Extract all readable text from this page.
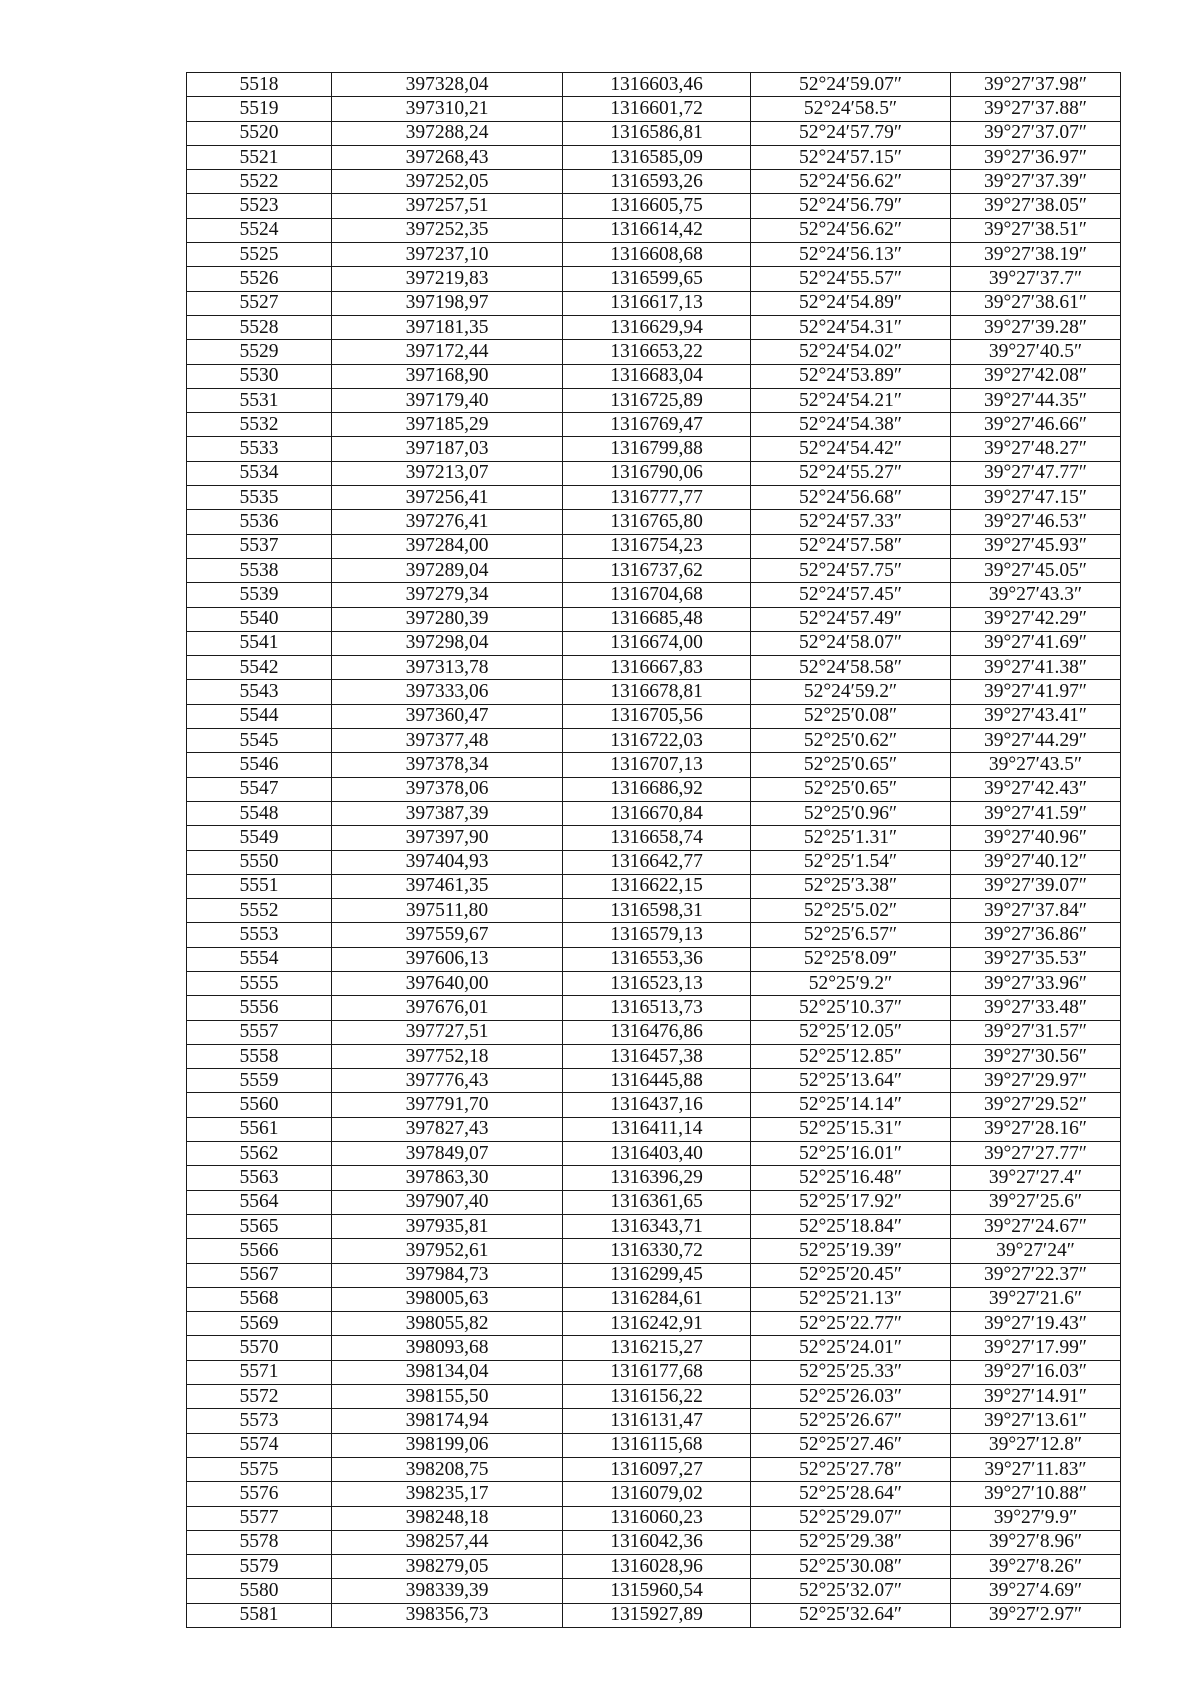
5518	397328,04	1316603,46	52°24′59.07″	39°27′37.98″
5519	397310,21	1316601,72	52°24′58.5″	39°27′37.88″
5520	397288,24	1316586,81	52°24′57.79″	39°27′37.07″
5521	397268,43	1316585,09	52°24′57.15″	39°27′36.97″
5522	397252,05	1316593,26	52°24′56.62″	39°27′37.39″
5523	397257,51	1316605,75	52°24′56.79″	39°27′38.05″
5524	397252,35	1316614,42	52°24′56.62″	39°27′38.51″
5525	397237,10	1316608,68	52°24′56.13″	39°27′38.19″
5526	397219,83	1316599,65	52°24′55.57″	39°27′37.7″
5527	397198,97	1316617,13	52°24′54.89″	39°27′38.61″
5528	397181,35	1316629,94	52°24′54.31″	39°27′39.28″
5529	397172,44	1316653,22	52°24′54.02″	39°27′40.5″
5530	397168,90	1316683,04	52°24′53.89″	39°27′42.08″
5531	397179,40	1316725,89	52°24′54.21″	39°27′44.35″
5532	397185,29	1316769,47	52°24′54.38″	39°27′46.66″
5533	397187,03	1316799,88	52°24′54.42″	39°27′48.27″
5534	397213,07	1316790,06	52°24′55.27″	39°27′47.77″
5535	397256,41	1316777,77	52°24′56.68″	39°27′47.15″
5536	397276,41	1316765,80	52°24′57.33″	39°27′46.53″
5537	397284,00	1316754,23	52°24′57.58″	39°27′45.93″
5538	397289,04	1316737,62	52°24′57.75″	39°27′45.05″
5539	397279,34	1316704,68	52°24′57.45″	39°27′43.3″
5540	397280,39	1316685,48	52°24′57.49″	39°27′42.29″
5541	397298,04	1316674,00	52°24′58.07″	39°27′41.69″
5542	397313,78	1316667,83	52°24′58.58″	39°27′41.38″
5543	397333,06	1316678,81	52°24′59.2″	39°27′41.97″
5544	397360,47	1316705,56	52°25′0.08″	39°27′43.41″
5545	397377,48	1316722,03	52°25′0.62″	39°27′44.29″
5546	397378,34	1316707,13	52°25′0.65″	39°27′43.5″
5547	397378,06	1316686,92	52°25′0.65″	39°27′42.43″
5548	397387,39	1316670,84	52°25′0.96″	39°27′41.59″
5549	397397,90	1316658,74	52°25′1.31″	39°27′40.96″
5550	397404,93	1316642,77	52°25′1.54″	39°27′40.12″
5551	397461,35	1316622,15	52°25′3.38″	39°27′39.07″
5552	397511,80	1316598,31	52°25′5.02″	39°27′37.84″
5553	397559,67	1316579,13	52°25′6.57″	39°27′36.86″
5554	397606,13	1316553,36	52°25′8.09″	39°27′35.53″
5555	397640,00	1316523,13	52°25′9.2″	39°27′33.96″
5556	397676,01	1316513,73	52°25′10.37″	39°27′33.48″
5557	397727,51	1316476,86	52°25′12.05″	39°27′31.57″
5558	397752,18	1316457,38	52°25′12.85″	39°27′30.56″
5559	397776,43	1316445,88	52°25′13.64″	39°27′29.97″
5560	397791,70	1316437,16	52°25′14.14″	39°27′29.52″
5561	397827,43	1316411,14	52°25′15.31″	39°27′28.16″
5562	397849,07	1316403,40	52°25′16.01″	39°27′27.77″
5563	397863,30	1316396,29	52°25′16.48″	39°27′27.4″
5564	397907,40	1316361,65	52°25′17.92″	39°27′25.6″
5565	397935,81	1316343,71	52°25′18.84″	39°27′24.67″
5566	397952,61	1316330,72	52°25′19.39″	39°27′24″
5567	397984,73	1316299,45	52°25′20.45″	39°27′22.37″
5568	398005,63	1316284,61	52°25′21.13″	39°27′21.6″
5569	398055,82	1316242,91	52°25′22.77″	39°27′19.43″
5570	398093,68	1316215,27	52°25′24.01″	39°27′17.99″
5571	398134,04	1316177,68	52°25′25.33″	39°27′16.03″
5572	398155,50	1316156,22	52°25′26.03″	39°27′14.91″
5573	398174,94	1316131,47	52°25′26.67″	39°27′13.61″
5574	398199,06	1316115,68	52°25′27.46″	39°27′12.8″
5575	398208,75	1316097,27	52°25′27.78″	39°27′11.83″
5576	398235,17	1316079,02	52°25′28.64″	39°27′10.88″
5577	398248,18	1316060,23	52°25′29.07″	39°27′9.9″
5578	398257,44	1316042,36	52°25′29.38″	39°27′8.96″
5579	398279,05	1316028,96	52°25′30.08″	39°27′8.26″
5580	398339,39	1315960,54	52°25′32.07″	39°27′4.69″
5581	398356,73	1315927,89	52°25′32.64″	39°27′2.97″
